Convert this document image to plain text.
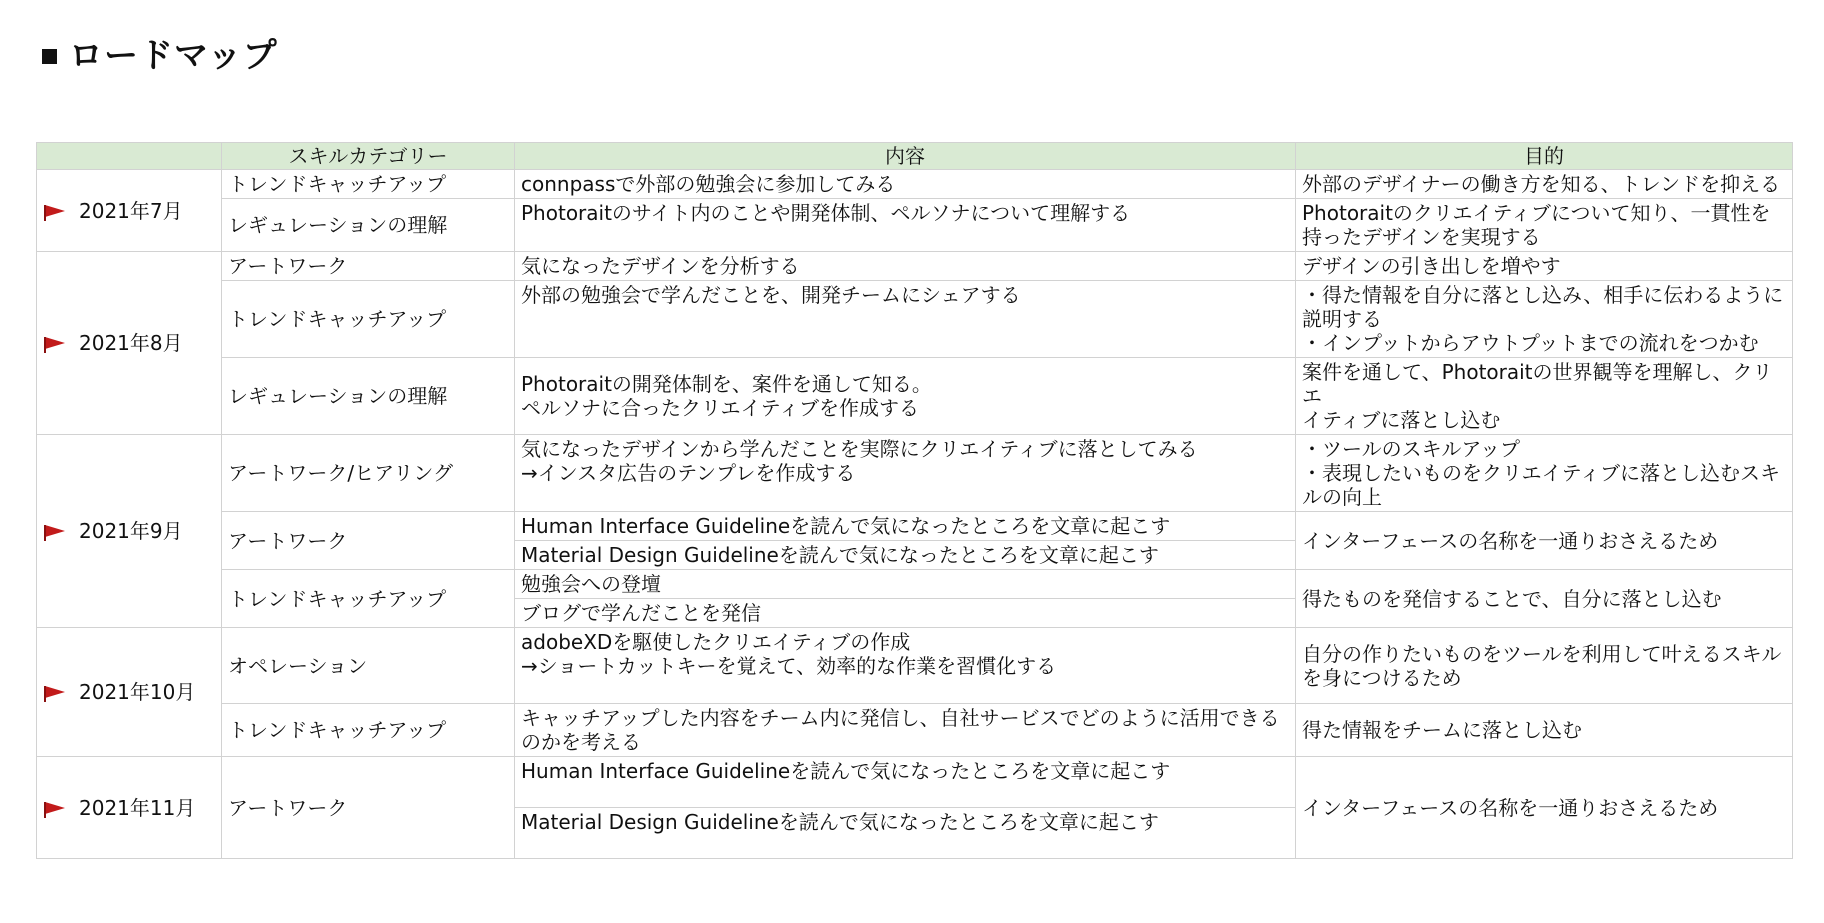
ロードマップ
	スキルカテゴリー	内容	目的

2021年7月	トレンドキャッチアップ	connpassで外部の勉強会に参加してみる	外部のデザイナーの働き方を知る、トレンドを抑える
	レギュレーションの理解	Photoraitのサイト内のことや開発体制、ペルソナについて理解する	Photoraitのクリエイティブについて知り、一貫性を
持ったデザインを実現する

2021年8月	アートワーク	気になったデザインを分析する	デザインの引き出しを増やす
	トレンドキャッチアップ	外部の勉強会で学んだことを、開発チームにシェアする	・得た情報を自分に落とし込み、相手に伝わるように
説明する
・インプットからアウトプットまでの流れをつかむ
	レギュレーションの理解	Photoraitの開発体制を、案件を通して知る。
ペルソナに合ったクリエイティブを作成する	案件を通して、Photoraitの世界観等を理解し、クリエ
イティブに落とし込む

2021年9月	アートワーク/ヒアリング	気になったデザインから学んだことを実際にクリエイティブに落としてみる
→インスタ広告のテンプレを作成する	・ツールのスキルアップ
・表現したいものをクリエイティブに落とし込むスキ
ルの向上
	アートワーク	Human Interface Guidelineを読んで気になったところを文章に起こす	インターフェースの名称を一通りおさえるため
		Material Design Guidelineを読んで気になったところを文章に起こす	
	トレンドキャッチアップ	勉強会への登壇	得たものを発信することで、自分に落とし込む
		ブログで学んだことを発信	

2021年10月	オペレーション	adobeXDを駆使したクリエイティブの作成
→ショートカットキーを覚えて、効率的な作業を習慣化する	自分の作りたいものをツールを利用して叶えるスキル
を身につけるため
	トレンドキャッチアップ	キャッチアップした内容をチーム内に発信し、自社サービスでどのように活用できる
のかを考える	得た情報をチームに落とし込む

2021年11月	アートワーク	Human Interface Guidelineを読んで気になったところを文章に起こす	インターフェースの名称を一通りおさえるため
		Material Design Guidelineを読んで気になったところを文章に起こす	
